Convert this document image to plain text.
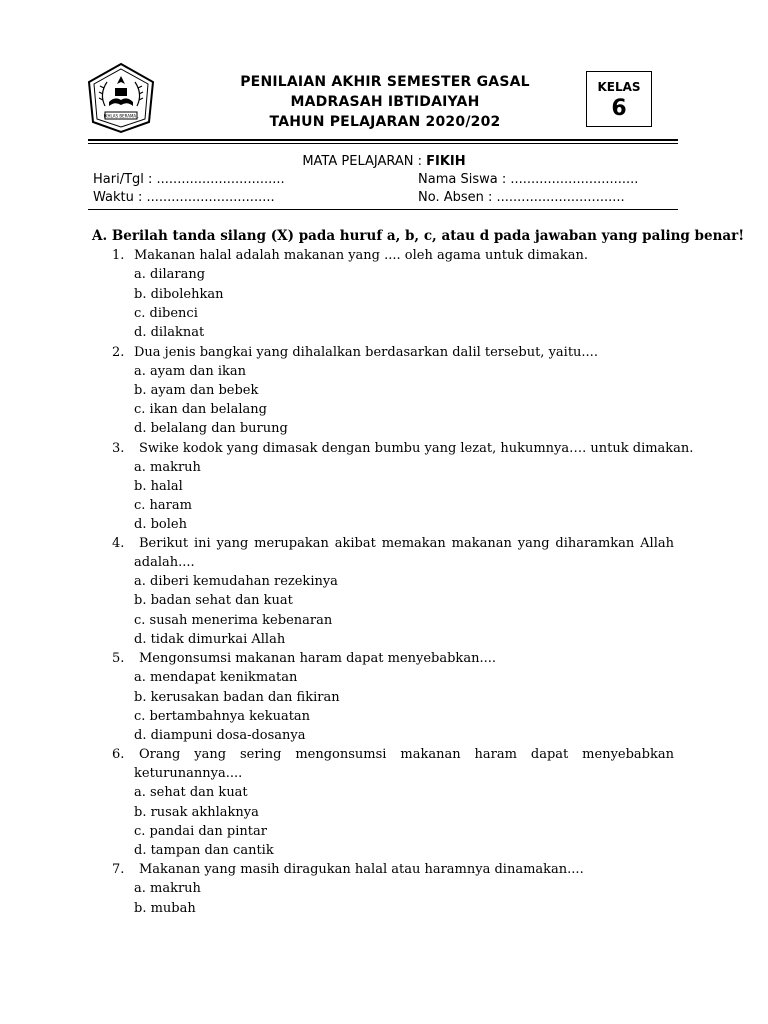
IKHLAS BERAMAL
PENILAIAN AKHIR SEMESTER GASAL
MADRASAH IBTIDAIYAH
TAHUN PELAJARAN 2020/202
KELAS
6
MATA PELAJARAN : FIKIH
Hari/Tgl : ...............................
Waktu : ...............................
Nama Siswa : ...............................
No. Absen : ...............................
A. Berilah tanda silang (X) pada huruf a, b, c, atau d pada jawaban yang paling benar!
1. Makanan halal adalah makanan yang .... oleh agama untuk dimakan.
a. dilarang
b. dibolehkan
c. dibenci
d. dilaknat
2. Dua jenis bangkai yang dihalalkan berdasarkan dalil tersebut, yaitu....
a. ayam dan ikan
b. ayam dan bebek
c. ikan dan belalang
d. belalang dan burung
3. Swike kodok yang dimasak dengan bumbu yang lezat, hukumnya…. untuk dimakan.
a. makruh
b. halal
c. haram
d. boleh
4. Berikut ini yang merupakan akibat memakan makanan yang diharamkan Allah
adalah....
a. diberi kemudahan rezekinya
b. badan sehat dan kuat
c. susah menerima kebenaran
d. tidak dimurkai Allah
5. Mengonsumsi makanan haram dapat menyebabkan....
a. mendapat kenikmatan
b. kerusakan badan dan fikiran
c. bertambahnya kekuatan
d. diampuni dosa-dosanya
6. Orang yang sering mengonsumsi makanan haram dapat menyebabkan
keturunannya....
a. sehat dan kuat
b. rusak akhlaknya
c. pandai dan pintar
d. tampan dan cantik
7. Makanan yang masih diragukan halal atau haramnya dinamakan....
a. makruh
b. mubah
